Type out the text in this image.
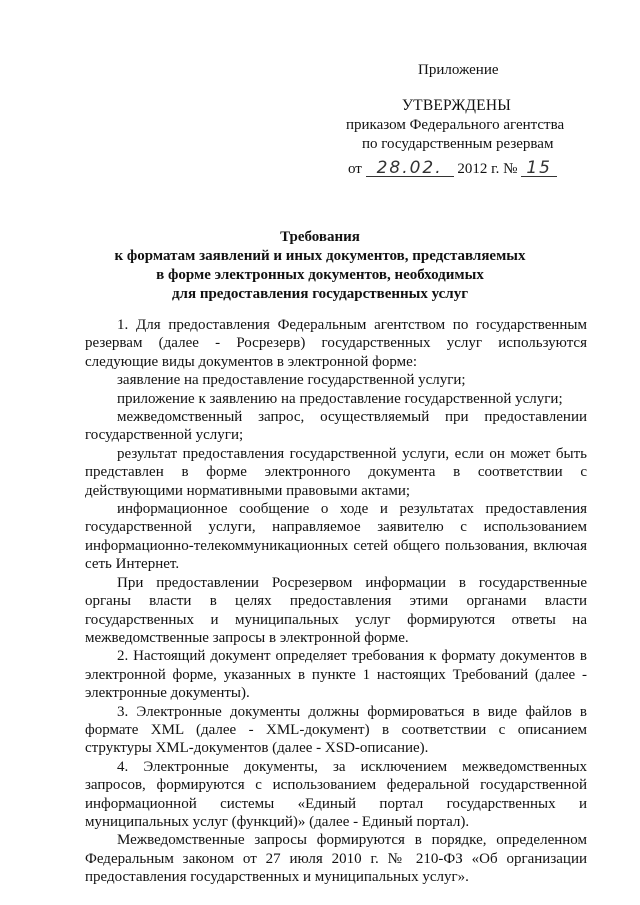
Приложение
УТВЕРЖДЕНЫ
приказом Федерального агентства
по государственным резервам
от 28.02. 2012 г. № 15
Требования
к форматам заявлений и иных документов, представляемых
в форме электронных документов, необходимых
для предоставления государственных услуг

1. Для предоставления Федеральным агентством по государственным резервам (далее - Росрезерв) государственных услуг используются следующие виды документов в электронной форме:

заявление на предоставление государственной услуги;

приложение к заявлению на предоставление государственной услуги;

межведомственный запрос, осуществляемый при предоставлении государственной услуги;

результат предоставления государственной услуги, если он может быть представлен в форме электронного документа в соответствии с действующими нормативными правовыми актами;

информационное сообщение о ходе и результатах предоставления государственной услуги, направляемое заявителю с использованием информационно-телекоммуникационных сетей общего пользования, включая сеть Интернет.

При предоставлении Росрезервом информации в государственные органы власти в целях предоставления этими органами власти государственных и муниципальных услуг формируются ответы на межведомственные запросы в электронной форме.

2. Настоящий документ определяет требования к формату документов в электронной форме, указанных в пункте 1 настоящих Требований (далее - электронные документы).

3. Электронные документы должны формироваться в виде файлов в формате XML (далее - XML-документ) в соответствии с описанием структуры XML-документов (далее - XSD-описание).

4. Электронные документы, за исключением межведомственных запросов, формируются с использованием федеральной государственной информационной системы «Единый портал государственных и муниципальных услуг (функций)» (далее - Единый портал).

Межведомственные запросы формируются в порядке, определенном Федеральным законом от 27 июля 2010 г. № 210-ФЗ «Об организации предоставления государственных и муниципальных услуг».
